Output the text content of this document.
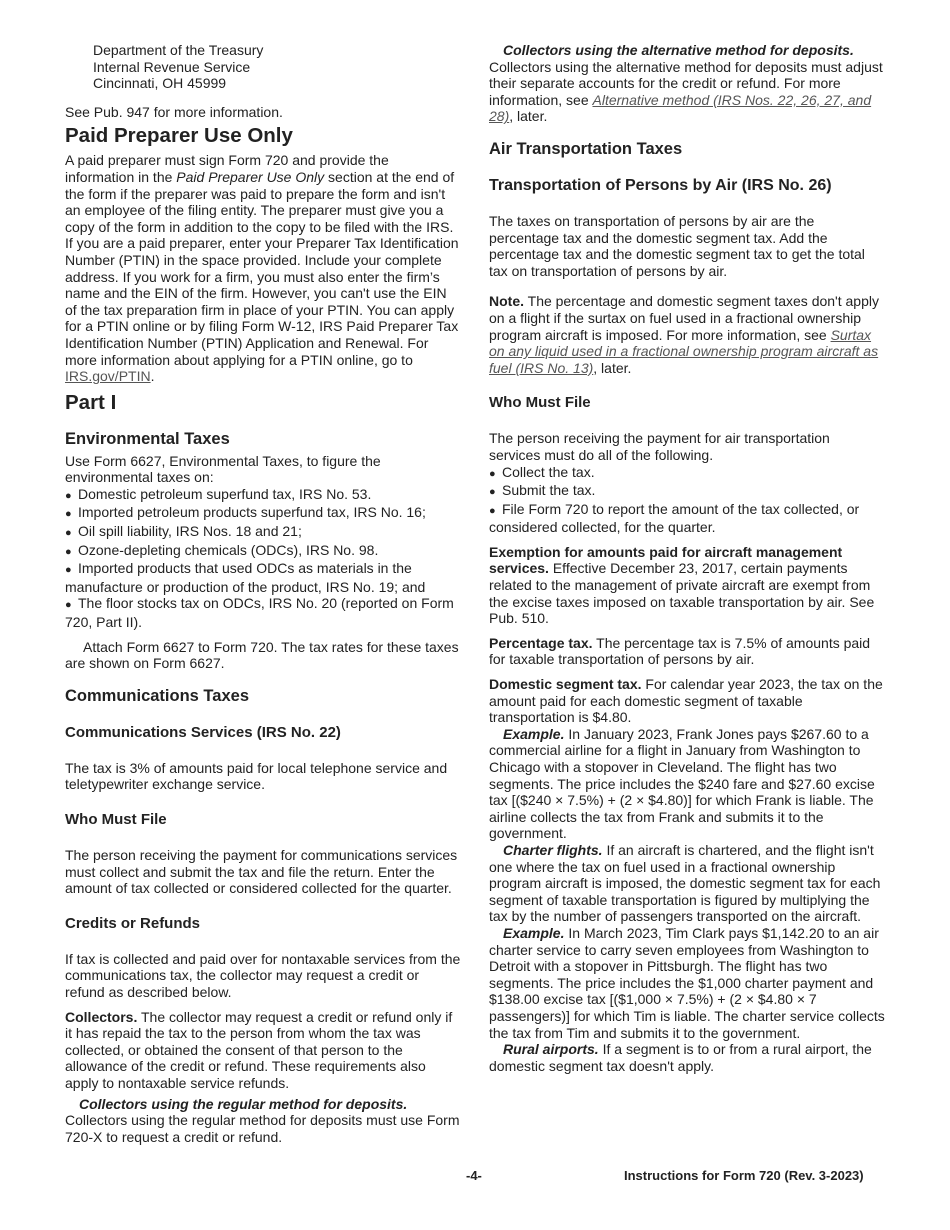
Department of the Treasury

Internal Revenue Service

Cincinnati, OH 45999

See Pub. 947 for more information.

Paid Preparer Use Only

A paid preparer must sign Form 720 and provide the information in the Paid Preparer Use Only section at the end of the form if the preparer was paid to prepare the form and isn't an employee of the filing entity. The preparer must give you a copy of the form in addition to the copy to be filed with the IRS. If you are a paid preparer, enter your Preparer Tax Identification Number (PTIN) in the space provided. Include your complete address. If you work for a firm, you must also enter the firm’s name and the EIN of the firm. However, you can't use the EIN of the tax preparation firm in place of your PTIN. You can apply for a PTIN online or by filing Form W-12, IRS Paid Preparer Tax Identification Number (PTIN) Application and Renewal. For more information about applying for a PTIN online, go to IRS.gov/PTIN.

Part I
Environmental Taxes

Use Form 6627, Environmental Taxes, to figure the environmental taxes on:

● Domestic petroleum superfund tax, IRS No. 53.
● Imported petroleum products superfund tax, IRS No. 16;
● Oil spill liability, IRS Nos. 18 and 21;
● Ozone-depleting chemicals (ODCs), IRS No. 98.
● Imported products that used ODCs as materials in the manufacture or production of the product, IRS No. 19; and
● The floor stocks tax on ODCs, IRS No. 20 (reported on Form 720, Part II).

Attach Form 6627 to Form 720. The tax rates for these taxes are shown on Form 6627.

Communications Taxes
Communications Services (IRS No. 22)

The tax is 3% of amounts paid for local telephone service and teletypewriter exchange service.

Who Must File

The person receiving the payment for communications services must collect and submit the tax and file the return. Enter the amount of tax collected or considered collected for the quarter.

Credits or Refunds

If tax is collected and paid over for nontaxable services from the communications tax, the collector may request a credit or refund as described below.

Collectors. The collector may request a credit or refund only if it has repaid the tax to the person from whom the tax was collected, or obtained the consent of that person to the allowance of the credit or refund. These requirements also apply to nontaxable service refunds.

Collectors using the regular method for deposits. Collectors using the regular method for deposits must use Form 720-X to request a credit or refund.

Collectors using the alternative method for deposits. Collectors using the alternative method for deposits must adjust their separate accounts for the credit or refund. For more information, see Alternative method (IRS Nos. 22, 26, 27, and 28), later.

Air Transportation Taxes
Transportation of Persons by Air (IRS No. 26)

The taxes on transportation of persons by air are the percentage tax and the domestic segment tax. Add the percentage tax and the domestic segment tax to get the total tax on transportation of persons by air.

Note. The percentage and domestic segment taxes don't apply on a flight if the surtax on fuel used in a fractional ownership program aircraft is imposed. For more information, see Surtax on any liquid used in a fractional ownership program aircraft as fuel (IRS No. 13), later.

Who Must File

The person receiving the payment for air transportation services must do all of the following.

● Collect the tax.
● Submit the tax.
● File Form 720 to report the amount of the tax collected, or considered collected, for the quarter.

Exemption for amounts paid for aircraft management services. Effective December 23, 2017, certain payments related to the management of private aircraft are exempt from the excise taxes imposed on taxable transportation by air. See Pub. 510.

Percentage tax. The percentage tax is 7.5% of amounts paid for taxable transportation of persons by air.

Domestic segment tax. For calendar year 2023, the tax on the amount paid for each domestic segment of taxable transportation is $4.80.

Example. In January 2023, Frank Jones pays $267.60 to a commercial airline for a flight in January from Washington to Chicago with a stopover in Cleveland. The flight has two segments. The price includes the $240 fare and $27.60 excise tax [($240 × 7.5%) + (2 × $4.80)] for which Frank is liable. The airline collects the tax from Frank and submits it to the government.

Charter flights. If an aircraft is chartered, and the flight isn't one where the tax on fuel used in a fractional ownership program aircraft is imposed, the domestic segment tax for each segment of taxable transportation is figured by multiplying the tax by the number of passengers transported on the aircraft.

Example. In March 2023, Tim Clark pays $1,142.20 to an air charter service to carry seven employees from Washington to Detroit with a stopover in Pittsburgh. The flight has two segments. The price includes the $1,000 charter payment and $138.00 excise tax [($1,000 × 7.5%) + (2 × $4.80 × 7 passengers)] for which Tim is liable. The charter service collects the tax from Tim and submits it to the government.

Rural airports. If a segment is to or from a rural airport, the domestic segment tax doesn't apply.

-4-	Instructions for Form 720 (Rev. 3-2023)
